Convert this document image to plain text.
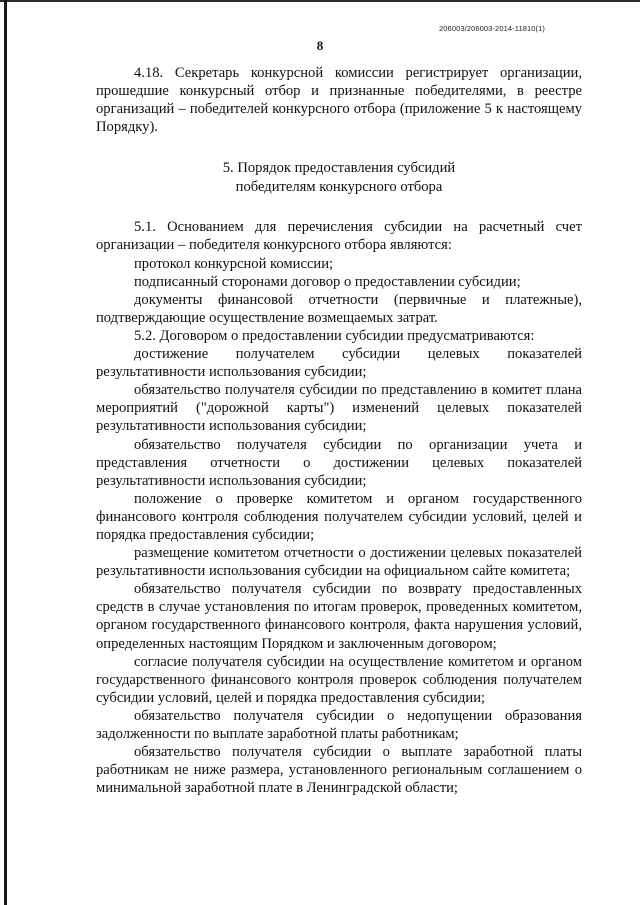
206003/206003-2014-11810(1)
8

4.18. Секретарь конкурсной комиссии регистрирует организации, прошедшие конкурсный отбор и признанные победителями, в реестре организаций – победителей конкурсного отбора (приложение 5 к настоящему Порядку).

5. Порядок предоставления субсидий
победителям конкурсного отбора

5.1. Основанием для перечисления субсидии на расчетный счет организации – победителя конкурсного отбора являются:

протокол конкурсной комиссии;

подписанный сторонами договор о предоставлении субсидии;

документы финансовой отчетности (первичные и платежные), подтверждающие осуществление возмещаемых затрат.

5.2. Договором о предоставлении субсидии предусматриваются:

достижение получателем субсидии целевых показателей результативности использования субсидии;

обязательство получателя субсидии по представлению в комитет плана мероприятий ("дорожной карты") изменений целевых показателей результативности использования субсидии;

обязательство получателя субсидии по организации учета и представления отчетности о достижении целевых показателей результативности использования субсидии;

положение о проверке комитетом и органом государственного финансового контроля соблюдения получателем субсидии условий, целей и порядка предоставления субсидии;

размещение комитетом отчетности о достижении целевых показателей результативности использования субсидии на официальном сайте комитета;

обязательство получателя субсидии по возврату предоставленных средств в случае установления по итогам проверок, проведенных комитетом, органом государственного финансового контроля, факта нарушения условий, определенных настоящим Порядком и заключенным договором;

согласие получателя субсидии на осуществление комитетом и органом государственного финансового контроля проверок соблюдения получателем субсидии условий, целей и порядка предоставления субсидии;

обязательство получателя субсидии о недопущении образования задолженности по выплате заработной платы работникам;

обязательство получателя субсидии о выплате заработной платы работникам не ниже размера, установленного региональным соглашением о минимальной заработной плате в Ленинградской области;
